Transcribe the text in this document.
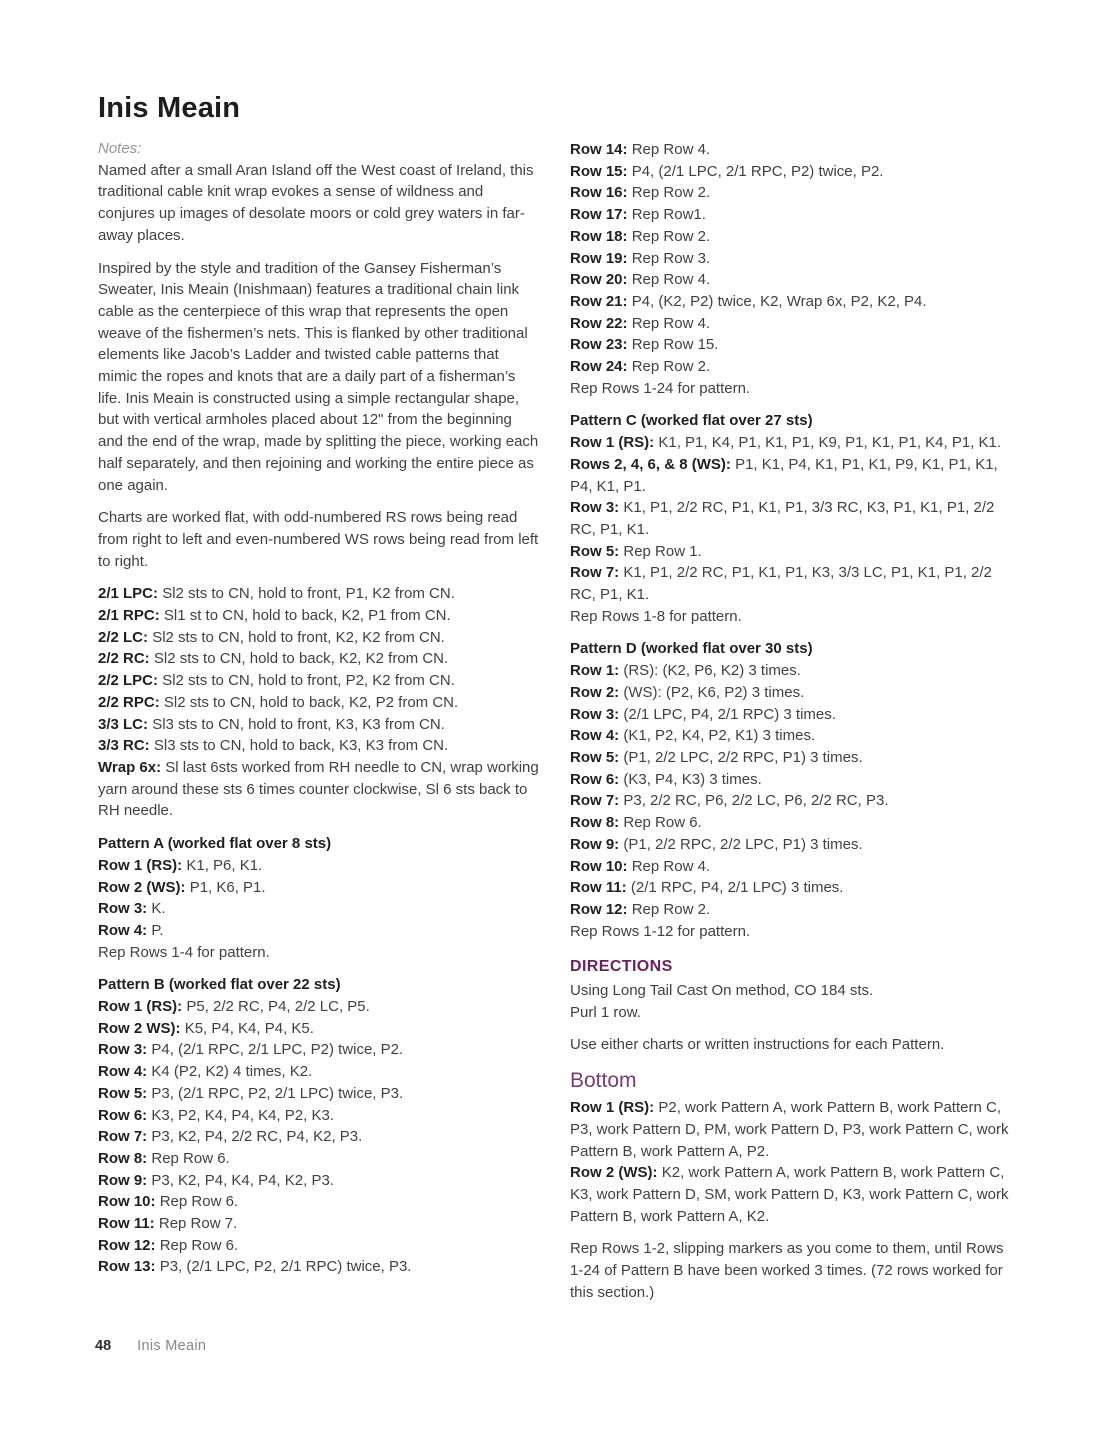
Inis Meain

Notes:

Named after a small Aran Island off the West coast of Ireland, this traditional cable knit wrap evokes a sense of wildness and conjures up images of desolate moors or cold grey waters in far-away places.

Inspired by the style and tradition of the Gansey Fisherman’s Sweater, Inis Meain (Inishmaan) features a traditional chain link cable as the centerpiece of this wrap that represents the open weave of the fishermen’s nets. This is flanked by other traditional elements like Jacob’s Ladder and twisted cable patterns that mimic the ropes and knots that are a daily part of a fisherman’s life. Inis Meain is constructed using a simple rectangular shape, but with vertical armholes placed about 12" from the beginning and the end of the wrap, made by splitting the piece, working each half separately, and then rejoining and working the entire piece as one again.

Charts are worked flat, with odd-numbered RS rows being read from right to left and even-numbered WS rows being read from left to right.

2/1 LPC: Sl2 sts to CN, hold to front, P1, K2 from CN.

2/1 RPC: Sl1 st to CN, hold to back, K2, P1 from CN.

2/2 LC: Sl2 sts to CN, hold to front, K2, K2 from CN.

2/2 RC: Sl2 sts to CN, hold to back, K2, K2 from CN.

2/2 LPC: Sl2 sts to CN, hold to front, P2, K2 from CN.

2/2 RPC: Sl2 sts to CN, hold to back, K2, P2 from CN.

3/3 LC: Sl3 sts to CN, hold to front, K3, K3 from CN.

3/3 RC: Sl3 sts to CN, hold to back, K3, K3 from CN.

Wrap 6x: Sl last 6sts worked from RH needle to CN, wrap working yarn around these sts 6 times counter clockwise, Sl 6 sts back to RH needle.

Pattern A (worked flat over 8 sts)

Row 1 (RS): K1, P6, K1.

Row 2 (WS): P1, K6, P1.

Row 3: K.

Row 4: P.

Rep Rows 1-4 for pattern.

Pattern B (worked flat over 22 sts)

Row 1 (RS): P5, 2/2 RC, P4, 2/2 LC, P5.

Row 2 WS): K5, P4, K4, P4, K5.

Row 3: P4, (2/1 RPC, 2/1 LPC, P2) twice, P2.

Row 4: K4 (P2, K2) 4 times, K2.

Row 5: P3, (2/1 RPC, P2, 2/1 LPC) twice, P3.

Row 6: K3, P2, K4, P4, K4, P2, K3.

Row 7: P3, K2, P4, 2/2 RC, P4, K2, P3.

Row 8: Rep Row 6.

Row 9: P3, K2, P4, K4, P4, K2, P3.

Row 10: Rep Row 6.

Row 11: Rep Row 7.

Row 12: Rep Row 6.

Row 13: P3, (2/1 LPC, P2, 2/1 RPC) twice, P3.

Row 14: Rep Row 4.

Row 15: P4, (2/1 LPC, 2/1 RPC, P2) twice, P2.

Row 16: Rep Row 2.

Row 17: Rep Row1.

Row 18: Rep Row 2.

Row 19: Rep Row 3.

Row 20: Rep Row 4.

Row 21: P4, (K2, P2) twice, K2, Wrap 6x, P2, K2, P4.

Row 22: Rep Row 4.

Row 23: Rep Row 15.

Row 24: Rep Row 2.

Rep Rows 1-24 for pattern.

Pattern C (worked flat over 27 sts)

Row 1 (RS): K1, P1, K4, P1, K1, P1, K9, P1, K1, P1, K4, P1, K1.

Rows 2, 4, 6, & 8 (WS): P1, K1, P4, K1, P1, K1, P9, K1, P1, K1, P4, K1, P1.

Row 3: K1, P1, 2/2 RC, P1, K1, P1, 3/3 RC, K3, P1, K1, P1, 2/2 RC, P1, K1.

Row 5: Rep Row 1.

Row 7: K1, P1, 2/2 RC, P1, K1, P1, K3, 3/3 LC, P1, K1, P1, 2/2 RC, P1, K1.

Rep Rows 1-8 for pattern.

Pattern D (worked flat over 30 sts)

Row 1: (RS): (K2, P6, K2) 3 times.

Row 2: (WS): (P2, K6, P2) 3 times.

Row 3: (2/1 LPC, P4, 2/1 RPC) 3 times.

Row 4: (K1, P2, K4, P2, K1) 3 times.

Row 5: (P1, 2/2 LPC, 2/2 RPC, P1) 3 times.

Row 6: (K3, P4, K3) 3 times.

Row 7: P3, 2/2 RC, P6, 2/2 LC, P6, 2/2 RC, P3.

Row 8: Rep Row 6.

Row 9: (P1, 2/2 RPC, 2/2 LPC, P1) 3 times.

Row 10: Rep Row 4.

Row 11: (2/1 RPC, P4, 2/1 LPC) 3 times.

Row 12: Rep Row 2.

Rep Rows 1-12 for pattern.

DIRECTIONS

Using Long Tail Cast On method, CO 184 sts.

Purl 1 row.

Use either charts or written instructions for each Pattern.

Bottom

Row 1 (RS): P2, work Pattern A, work Pattern B, work Pattern C, P3, work Pattern D, PM, work Pattern D, P3, work Pattern C, work Pattern B, work Pattern A, P2.

Row 2 (WS): K2, work Pattern A, work Pattern B, work Pattern C, K3, work Pattern D, SM, work Pattern D, K3, work Pattern C, work Pattern B, work Pattern A, K2.

Rep Rows 1-2, slipping markers as you come to them, until Rows 1-24 of Pattern B have been worked 3 times. (72 rows worked for this section.)

48 Inis Meain
